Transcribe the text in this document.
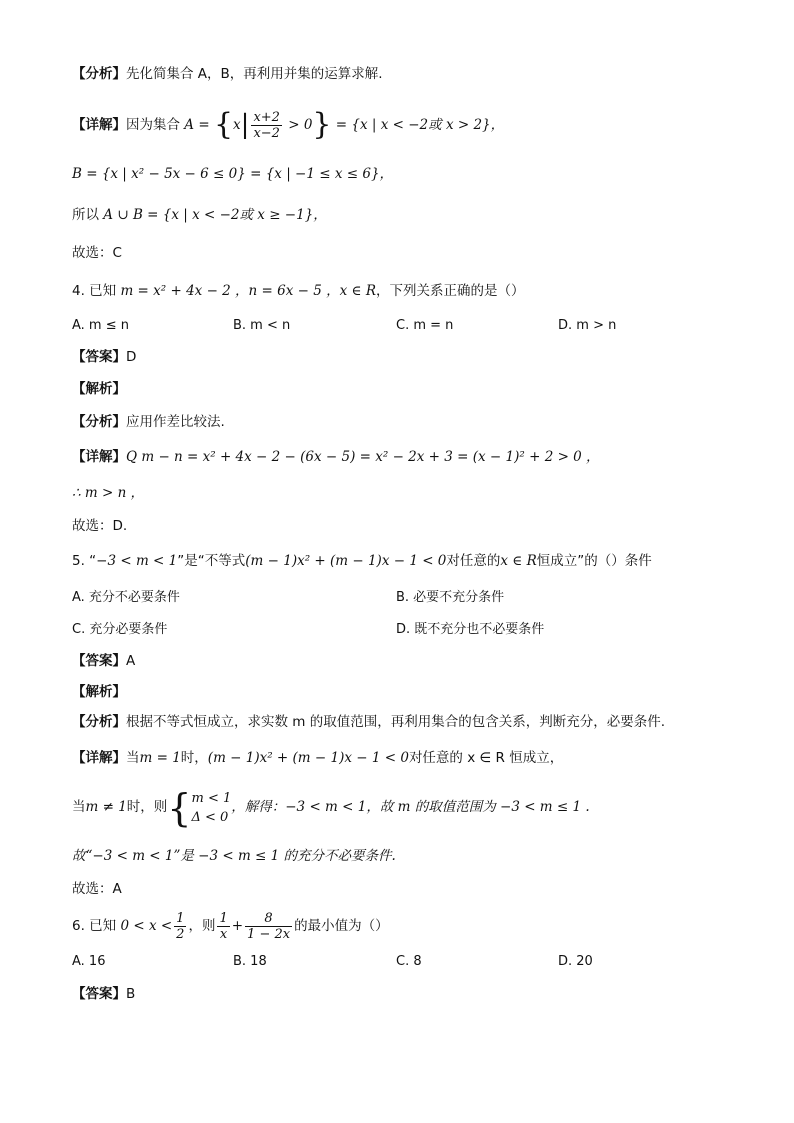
【分析】先化简集合 A，B，再利用并集的运算求解.
【详解】因为集合 $A = \{x| \frac{x+2}{x-2} > 0\} = \{x$ | x < −2或 x > 2}，
B = {x | x² − 5x − 6 ≤ 0} = {x | −1 ≤ x ≤ 6}，
所以 A ∪ B = {x | x < −2或 x ≥ −1}，
故选：C
4. 已知 m = x² + 4x − 2 ，n = 6x − 5 ，x ∈ R，下列关系正确的是（）
A. m ≤ n	B. m < n	C. m = n	D. m > n
【答案】D
【解析】
【分析】应用作差比较法.
【详解】Q m − n = x² + 4x − 2 − (6x − 5) = x² − 2x + 3 = (x − 1)² + 2 > 0 ，
∴ m > n ，
故选：D.
5. “−3 < m < 1”是“不等式(m − 1)x² + (m − 1)x − 1 < 0对任意的x ∈ R恒成立”的（）条件
A. 充分不必要条件	B. 必要不充分条件
C. 充分必要条件	D. 既不充分也不必要条件
【答案】A
【解析】
【分析】根据不等式恒成立，求实数 m 的取值范围，再利用集合的包含关系，判断充分，必要条件.
【详解】当m = 1时，(m − 1)x² + (m − 1)x − 1 < 0对任意的 x ∈ R 恒成立，
当m ≠ 1时，则{ m < 1
Δ < 0
，解得：−3 < m < 1，故 m 的取值范围为 −3 < m ≤ 1 .
故“−3 < m < 1”是 −3 < m ≤ 1 的充分不必要条件.
故选：A
6. 已知 $0 < x < \frac{1}{2}$ ，则 $\frac{1}{x} + \frac{8}{1 - 2x}$ 的最小值为（）
A. 16	B. 18	C. 8	D. 20
【答案】B
